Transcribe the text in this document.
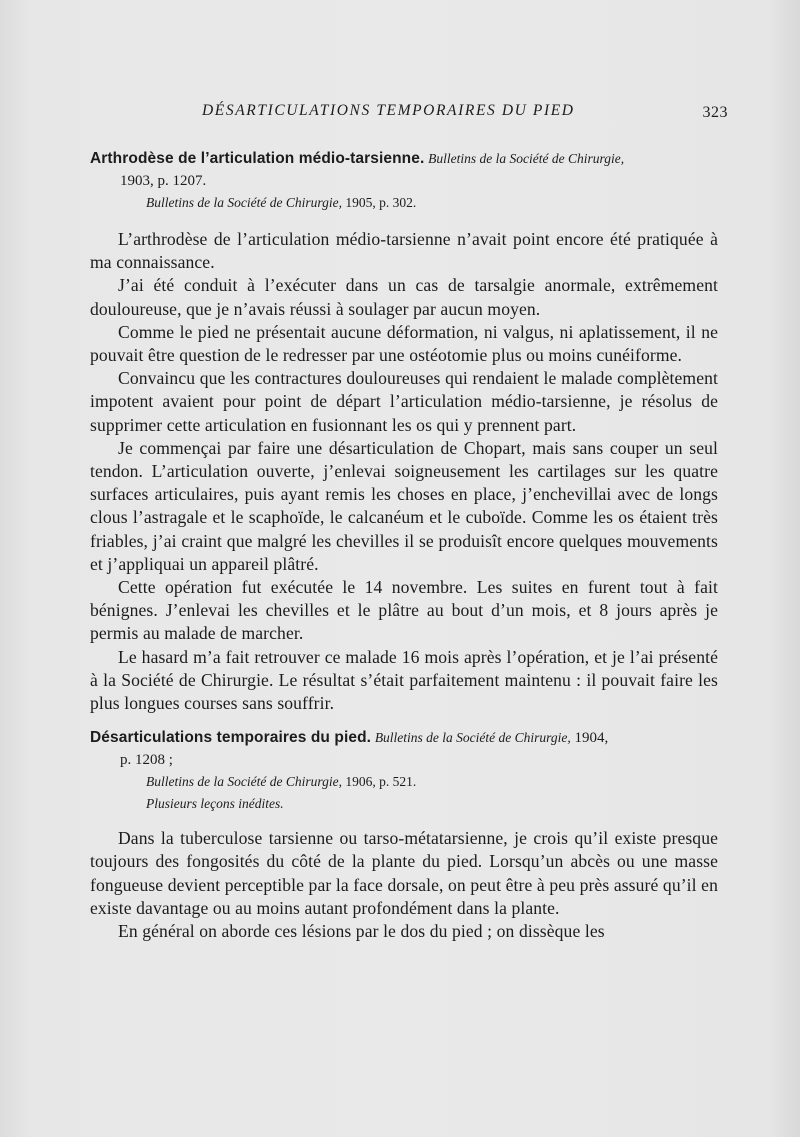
DÉSARTICULATIONS TEMPORAIRES DU PIED	323

Arthrodèse de l’articulation médio-tarsienne. Bulletins de la Société de Chirurgie,
1903, p. 1207.

Bulletins de la Société de Chirurgie, 1905, p. 302.

L’arthrodèse de l’articulation médio-tarsienne n’avait point encore été pratiquée à ma connaissance.

J’ai été conduit à l’exécuter dans un cas de tarsalgie anormale, extrêmement douloureuse, que je n’avais réussi à soulager par aucun moyen.

Comme le pied ne présentait aucune déformation, ni valgus, ni aplatissement, il ne pouvait être question de le redresser par une ostéotomie plus ou moins cunéiforme.

Convaincu que les contractures douloureuses qui rendaient le malade complètement impotent avaient pour point de départ l’articulation médio-tarsienne, je résolus de supprimer cette articulation en fusionnant les os qui y prennent part.

Je commençai par faire une désarticulation de Chopart, mais sans couper un seul tendon. L’articulation ouverte, j’enlevai soigneusement les cartilages sur les quatre surfaces articulaires, puis ayant remis les choses en place, j’enchevillai avec de longs clous l’astragale et le scaphoïde, le calcanéum et le cuboïde. Comme les os étaient très friables, j’ai craint que malgré les chevilles il se produisît encore quelques mouvements et j’appliquai un appareil plâtré.

Cette opération fut exécutée le 14 novembre. Les suites en furent tout à fait bénignes. J’enlevai les chevilles et le plâtre au bout d’un mois, et 8 jours après je permis au malade de marcher.

Le hasard m’a fait retrouver ce malade 16 mois après l’opération, et je l’ai présenté à la Société de Chirurgie. Le résultat s’était parfaitement maintenu : il pouvait faire les plus longues courses sans souffrir.

Désarticulations temporaires du pied. Bulletins de la Société de Chirurgie, 1904,
p. 1208 ;

Bulletins de la Société de Chirurgie, 1906, p. 521.

Plusieurs leçons inédites.

Dans la tuberculose tarsienne ou tarso-métatarsienne, je crois qu’il existe presque toujours des fongosités du côté de la plante du pied. Lorsqu’un abcès ou une masse fongueuse devient perceptible par la face dorsale, on peut être à peu près assuré qu’il en existe davantage ou au moins autant profondément dans la plante.

En général on aborde ces lésions par le dos du pied ; on dissèque les
